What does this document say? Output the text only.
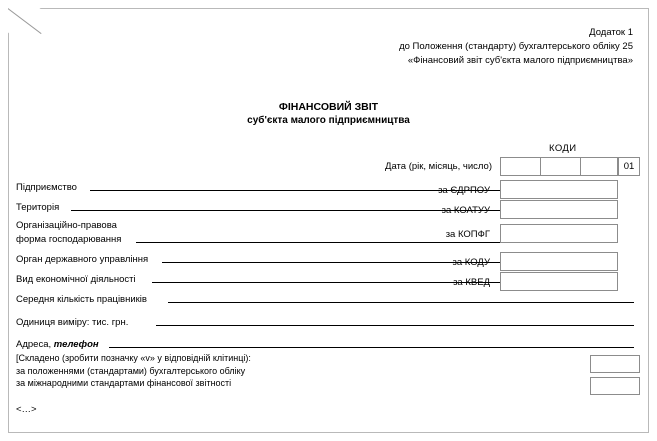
Додаток 1
до Положення (стандарту) бухгалтерського обліку 25
«Фінансовий звіт суб'єкта малого підприємництва»
ФІНАНСОВИЙ ЗВІТ
суб'єкта малого підприємництва
КОДИ
Дата (рік, місяць, число)	01
Підприємство	за ЄДРПОУ
Територія	за КОАТУУ
Організаційно-правова
форма господарювання	за КОПФГ
Орган державного управління	за КОДУ
Вид економічної діяльності	за КВЕД
Середня кількість працівників
Одиниця виміру: тис. грн.
Адреса, телефон
[Складено (зробити позначку «v» у відповідній клітинці):
за положеннями (стандартами) бухгалтерського обліку
за міжнародними стандартами фінансової звітності
<…>
